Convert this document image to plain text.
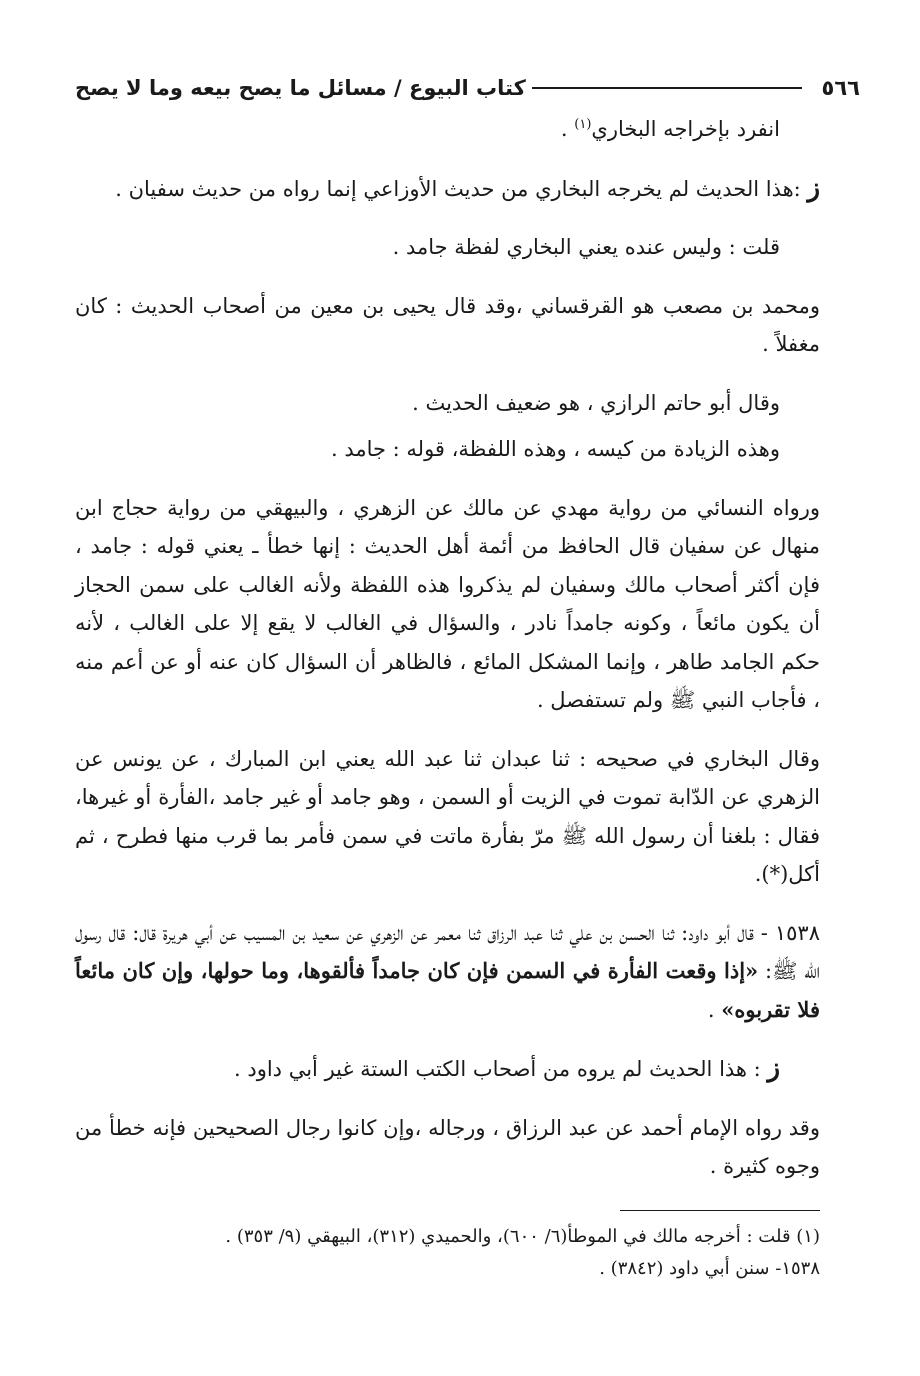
٥٦٦
كتاب البيوع / مسائل ما يصح بيعه وما لا يصح

انفرد بإخراجه البخاري$^{(١)}$ .

ز :هذا الحديث لم يخرجه البخاري من حديث الأوزاعي إنما رواه من حديث سفيان .

قلت : وليس عنده يعني البخاري لفظة جامد .

ومحمد بن مصعب هو القرقساني ،وقد قال يحيى بن معين من أصحاب الحديث : كان مغفلاً .

وقال أبو حاتم الرازي ، هو ضعيف الحديث .

وهذه الزيادة من كيسه ، وهذه اللفظة، قوله : جامد .

ورواه النسائي من رواية مهدي عن مالك عن الزهري ، والبيهقي من رواية حجاج ابن منهال عن سفيان قال الحافظ من أئمة أهل الحديث : إنها خطأ ـ يعني قوله : جامد ، فإن أكثر أصحاب مالك وسفيان لم يذكروا هذه اللفظة ولأنه الغالب على سمن الحجاز أن يكون مائعاً ، وكونه جامداً نادر ، والسؤال في الغالب لا يقع إلا على الغالب ، لأنه حكم الجامد طاهر ، وإنما المشكل المائع ، فالظاهر أن السؤال كان عنه أو عن أعم منه ، فأجاب النبي ﷺ ولم تستفصل .

وقال البخاري في صحيحه : ثنا عبدان ثنا عبد الله يعني ابن المبارك ، عن يونس عن الزهري عن الدّابة تموت في الزيت أو السمن ، وهو جامد أو غير جامد ،الفأرة أو غيرها، فقال : بلغنا أن رسول الله ﷺ مرّ بفأرة ماتت في سمن فأمر بما قرب منها فطرح ، ثم أكل(*).

١٥٣٨ - قال أبو داود: ثنا الحسن بن علي ثنا عبد الرزاق ثنا معمر عن الزهري عن سعيد بن المسيب عن أبي هريرة قال: قال رسول الله ﷺ: «إذا وقعت الفأرة في السمن فإن كان جامداً فألقوها، وما حولها، وإن كان مائعاً فلا تقربوه» .

ز : هذا الحديث لم يروه من أصحاب الكتب الستة غير أبي داود .

وقد رواه الإمام أحمد عن عبد الرزاق ، ورجاله ،وإن كانوا رجال الصحيحين فإنه خطأ من وجوه كثيرة .

(١) قلت : أخرجه مالك في الموطأ(٦/ ٦٠٠)، والحميدي (٣١٢)، البيهقي (٩/ ٣٥٣) .
١٥٣٨- سنن أبي داود (٣٨٤٢) .
